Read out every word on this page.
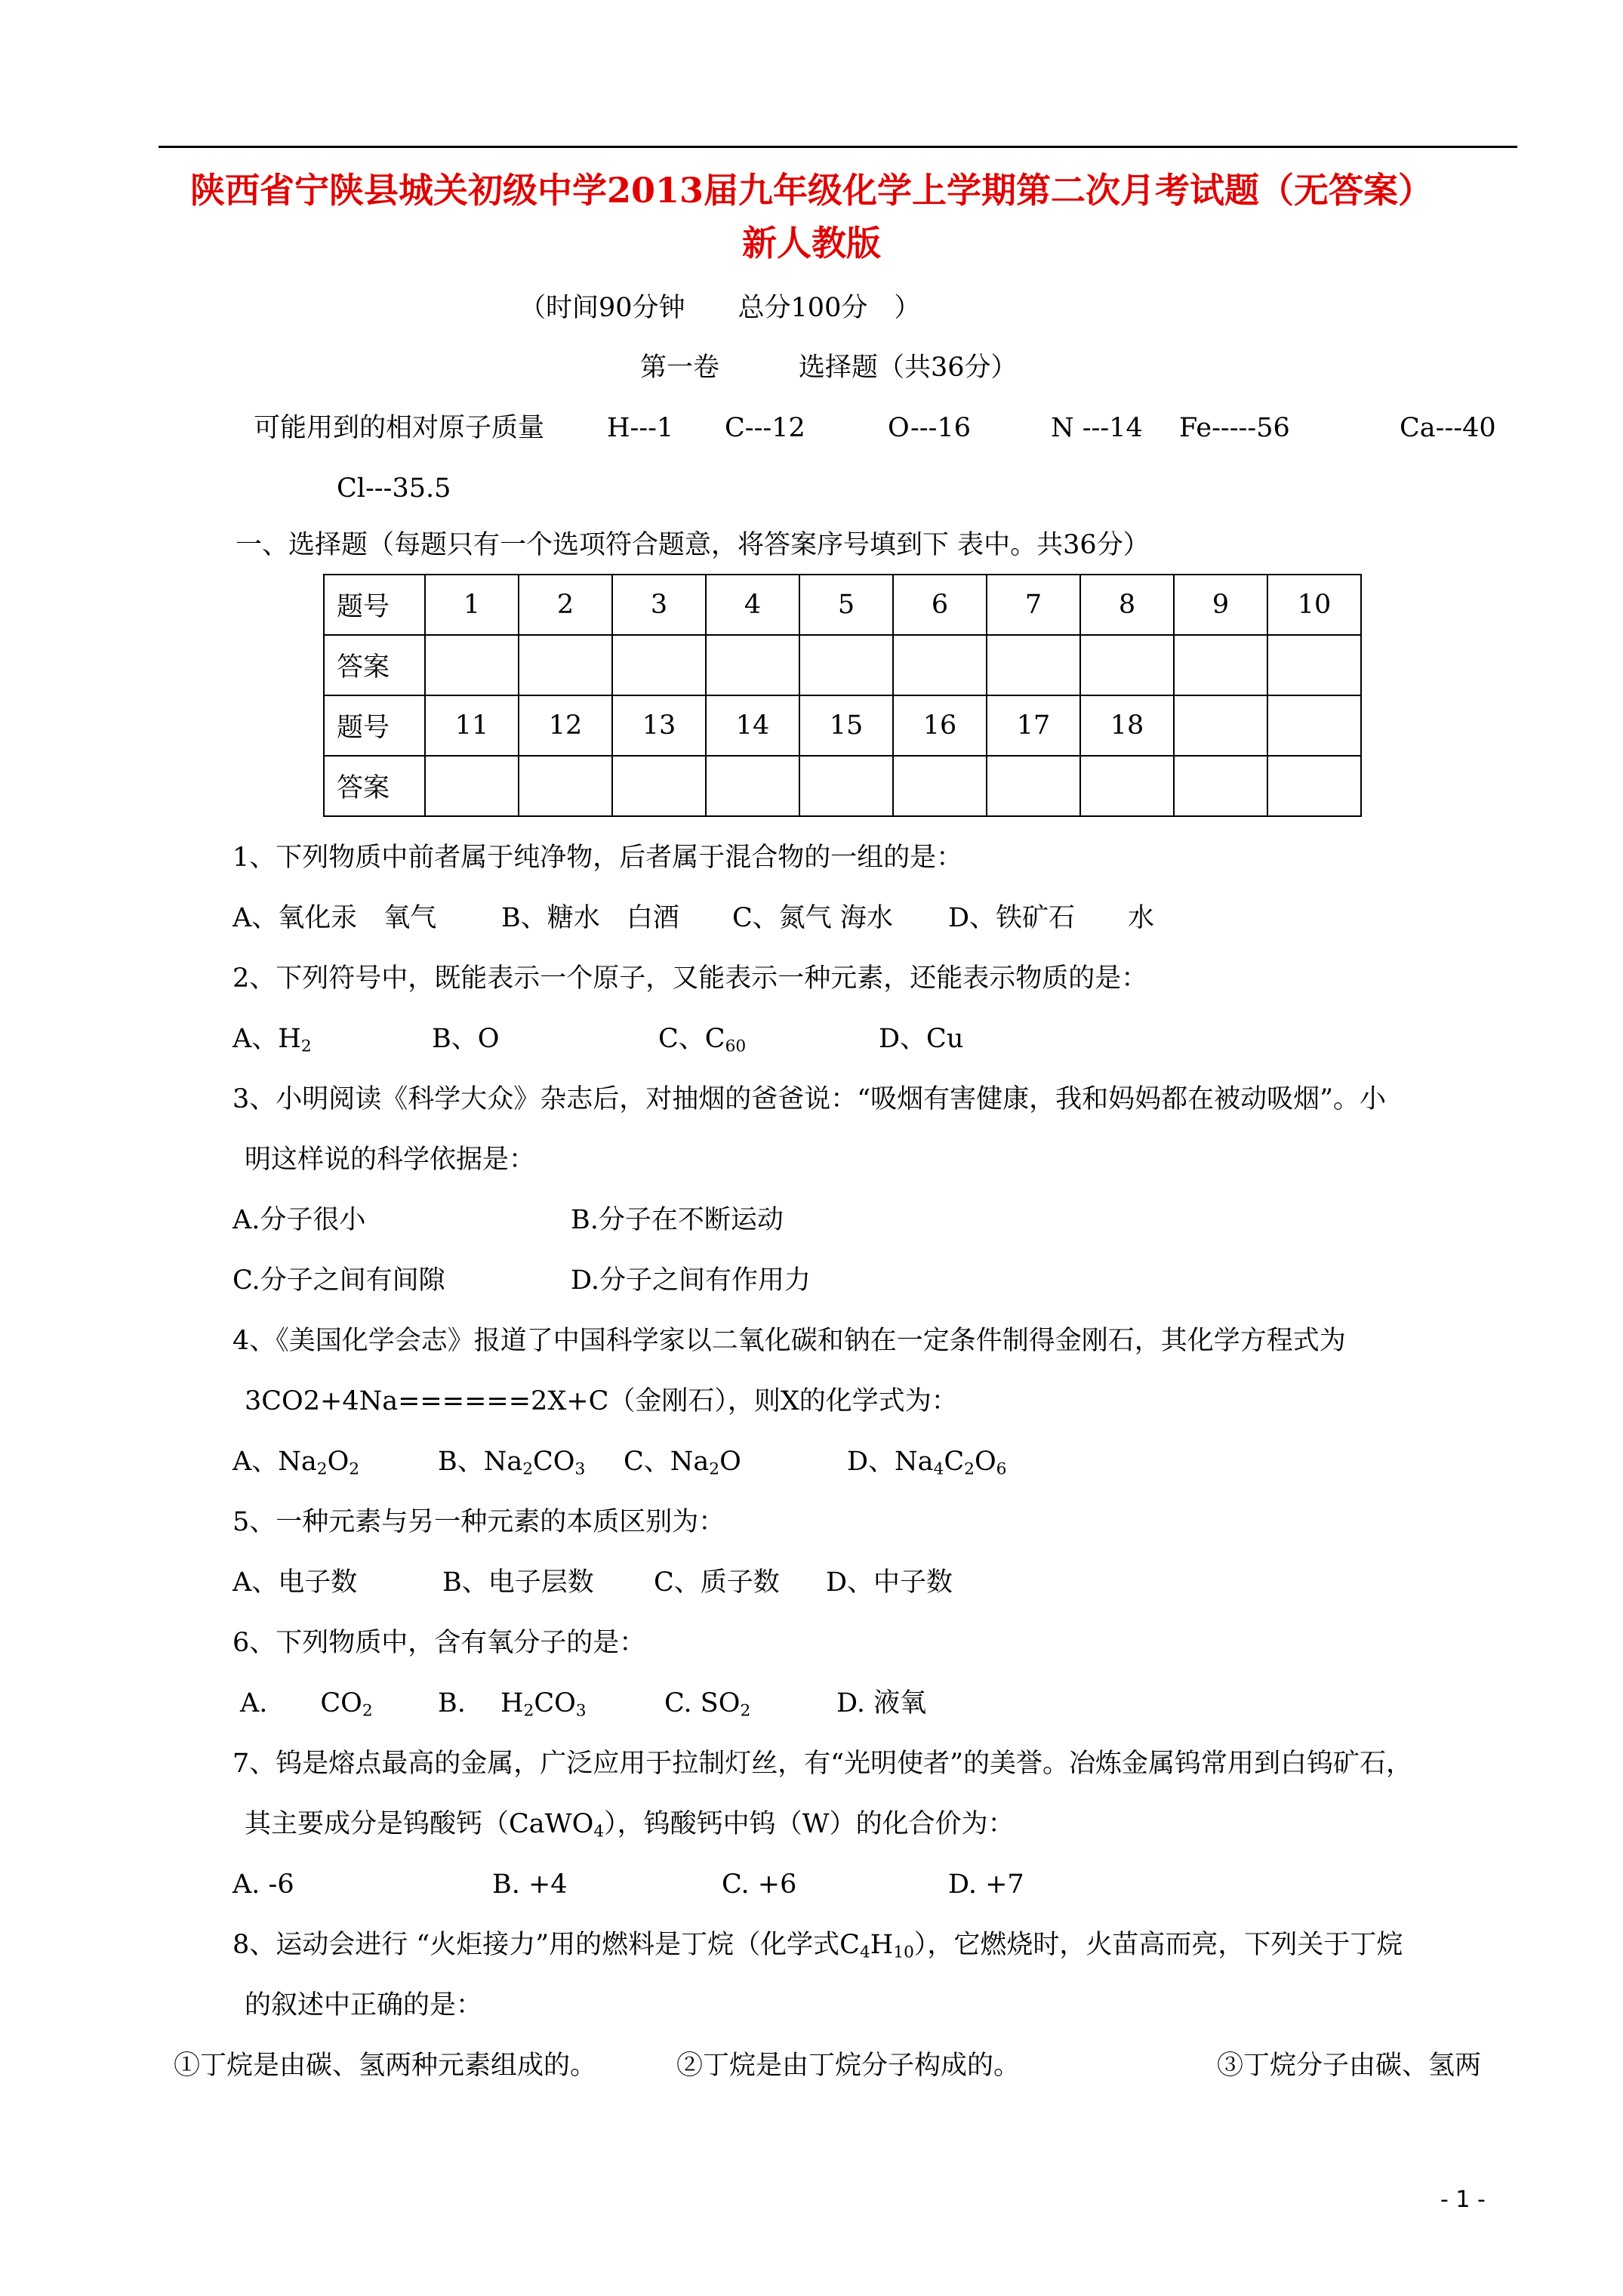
陕西省宁陕县城关初级中学2013届九年级化学上学期第二次月考试题（无答案）
新人教版
（时间90分钟　　总分100分　）
第一卷　　　选择题（共36分）
可能用到的相对原子质量 H---1 C---12	O---16	N ---14 Fe-----56	Ca---40
Cl---35.5
一、选择题（每题只有一个选项符合题意，将答案序号填到下 表中。共36分）
题号	1	2	3	4	5	6	7	8	9	10
答案										
题号	11	12	13	14	15	16	17	18		
答案										
1、下列物质中前者属于纯净物，后者属于混合物的一组的是：
A、氧化汞　氧气 B、糖水　白酒 C、氮气 海水 D、铁矿石　　水
2、下列符号中，既能表示一个原子，又能表示一种元素，还能表示物质的是：
A、$H_2$	B、O	C、$C_{60}$	D、Cu
3、小明阅读《科学大众》杂志后，对抽烟的爸爸说：“吸烟有害健康，我和妈妈都在被动吸烟”。小
明这样说的科学依据是：
A.分子很小	B.分子在不断运动
C.分子之间有间隙	D.分子之间有作用力
4、《美国化学会志》报道了中国科学家以二氧化碳和钠在一定条件制得金刚石，其化学方程式为
3CO2+4Na======2X+C（金刚石），则X的化学式为：
A、$Na_2O_2$	B、$Na_2CO_3$ C、$Na_2O$	D、$Na_4C_2O_6$
5、一种元素与另一种元素的本质区别为：
A、电子数	B、电子层数 C、质子数 D、中子数
6、下列物质中，含有氧分子的是：
A.　　$CO_2$ B.　 $H_2CO_3$	C. $SO_2$	D. 液氧
7、钨是熔点最高的金属，广泛应用于拉制灯丝，有“光明使者”的美誉。冶炼金属钨常用到白钨矿石，
其主要成分是钨酸钙（CaWO$_4$），钨酸钙中钨（W）的化合价为：
A. -6	B. +4	C. +6	D. +7
8、运动会进行 “火炬接力”用的燃料是丁烷（化学式$C_4H_{10}$），它燃烧时，火苗高而亮，下列关于丁烷
的叙述中正确的是：
①丁烷是由碳、氢两种元素组成的。	②丁烷是由丁烷分子构成的。	③丁烷分子由碳、氢两
- 1 -
